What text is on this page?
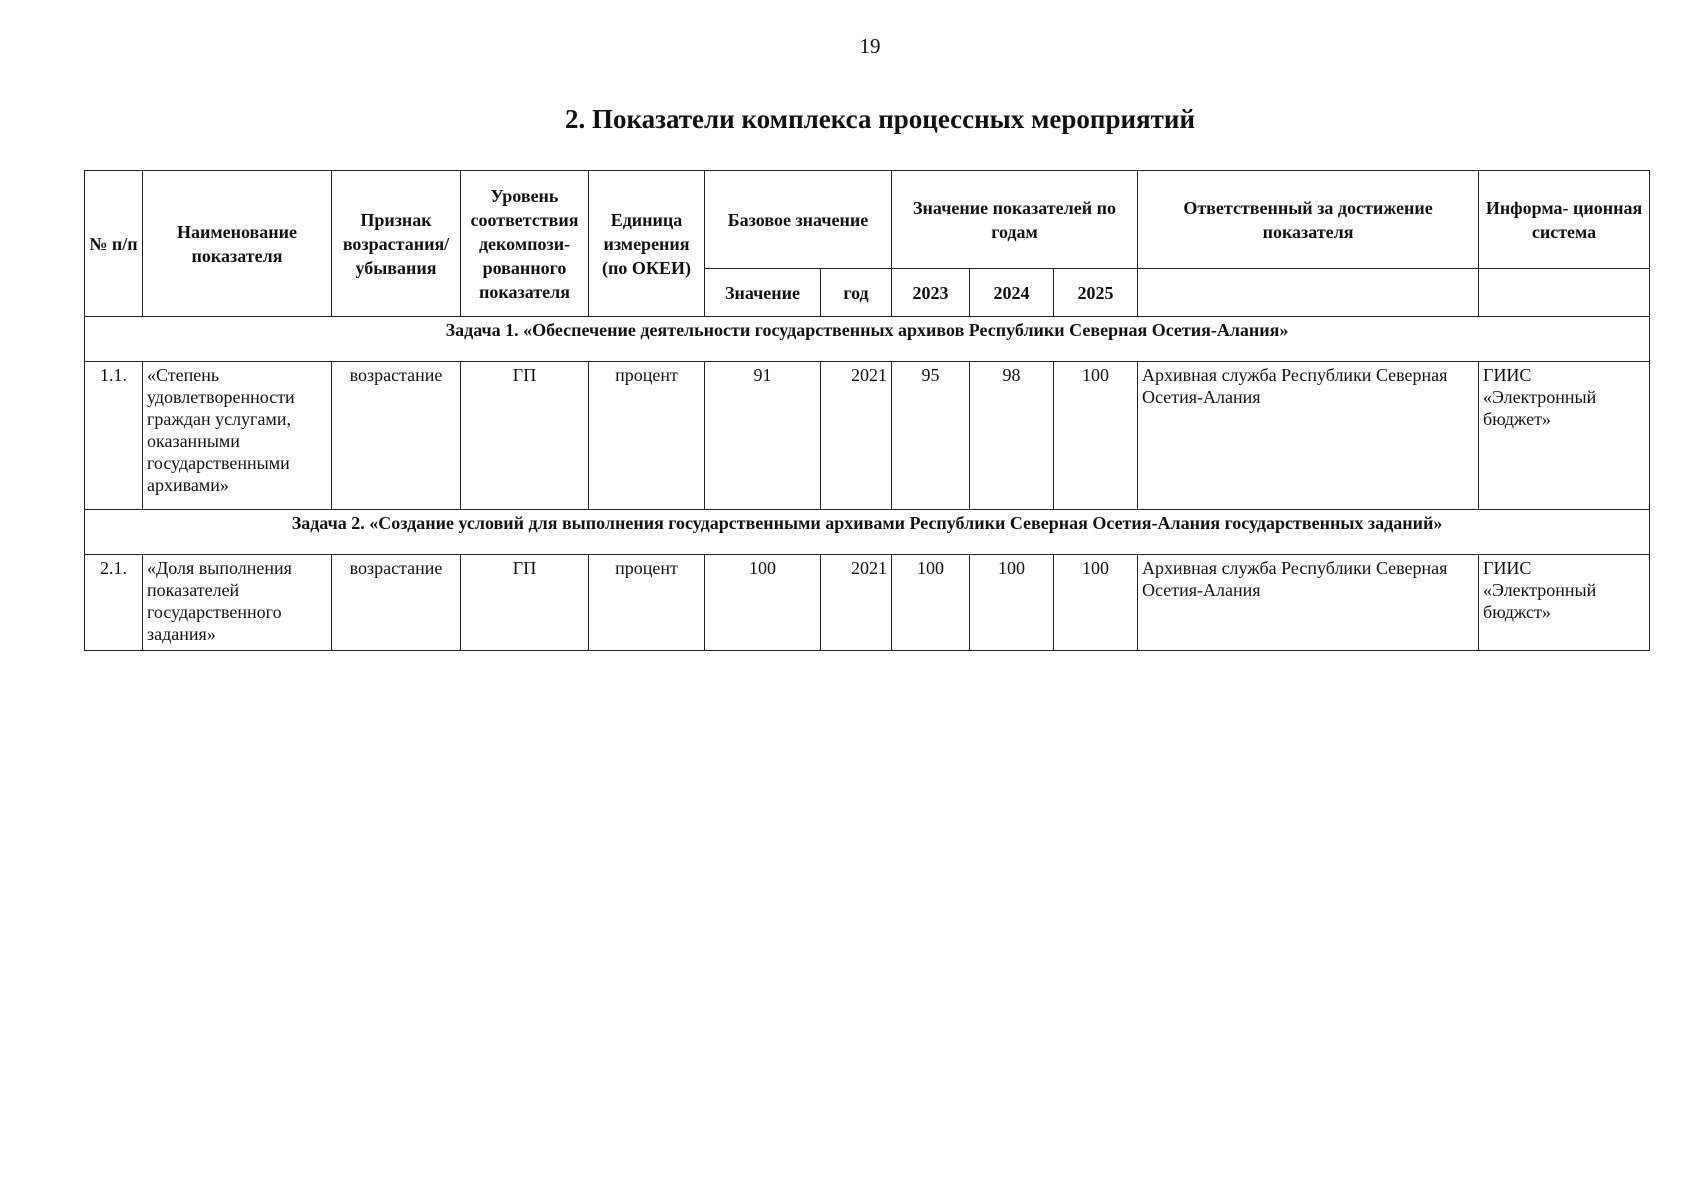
19
2. Показатели комплекса процессных мероприятий
№ п/п	Наименование показателя	Признак возрастания/ убывания	Уровень соответствия декомпози- рованного показателя	Единица измерения (по ОКЕИ)	Базовое значение		Значение показателей по годам			Ответственный за достижение показателя	Информа- ционная система
					Значение	год	2023	2024	2025		
Задача 1. «Обеспечение деятельности государственных архивов Республики Северная Осетия-Алания»											
1.1.	«Степень удовлетворенности граждан услугами, оказанными государственными архивами»	возрастание	ГП	процент	91	2021	95	98	100	Архивная служба Республики Северная Осетия-Алания	ГИИС «Электронный бюджет»
Задача 2. «Создание условий для выполнения государственными архивами Республики Северная Осетия-Алания государственных заданий»											
2.1.	«Доля выполнения показателей государственного задания»	возрастание	ГП	процент	100	2021	100	100	100	Архивная служба Республики Северная Осетия-Алания	ГИИС «Электронный бюджст»
